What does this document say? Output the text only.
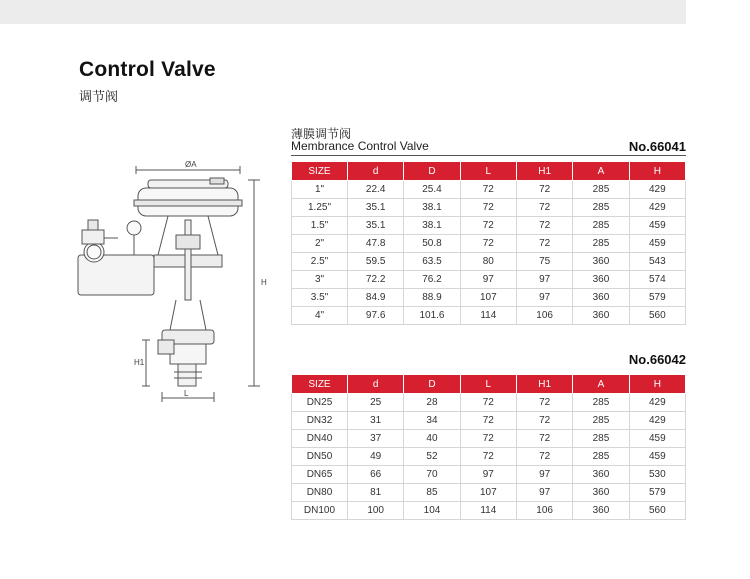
Control Valve
调节阀
ØA
H
H1
L
薄膜调节阀
Membrance Control Valve	No.66041
SIZE	d	D	L	H1	A	H
1"	22.4	25.4	72	72	285	429
1.25"	35.1	38.1	72	72	285	429
1.5"	35.1	38.1	72	72	285	459
2"	47.8	50.8	72	72	285	459
2.5"	59.5	63.5	80	75	360	543
3"	72.2	76.2	97	97	360	574
3.5"	84.9	88.9	107	97	360	579
4"	97.6	101.6	114	106	360	560
No.66042
SIZE	d	D	L	H1	A	H
DN25	25	28	72	72	285	429
DN32	31	34	72	72	285	429
DN40	37	40	72	72	285	459
DN50	49	52	72	72	285	459
DN65	66	70	97	97	360	530
DN80	81	85	107	97	360	579
DN100	100	104	114	106	360	560
